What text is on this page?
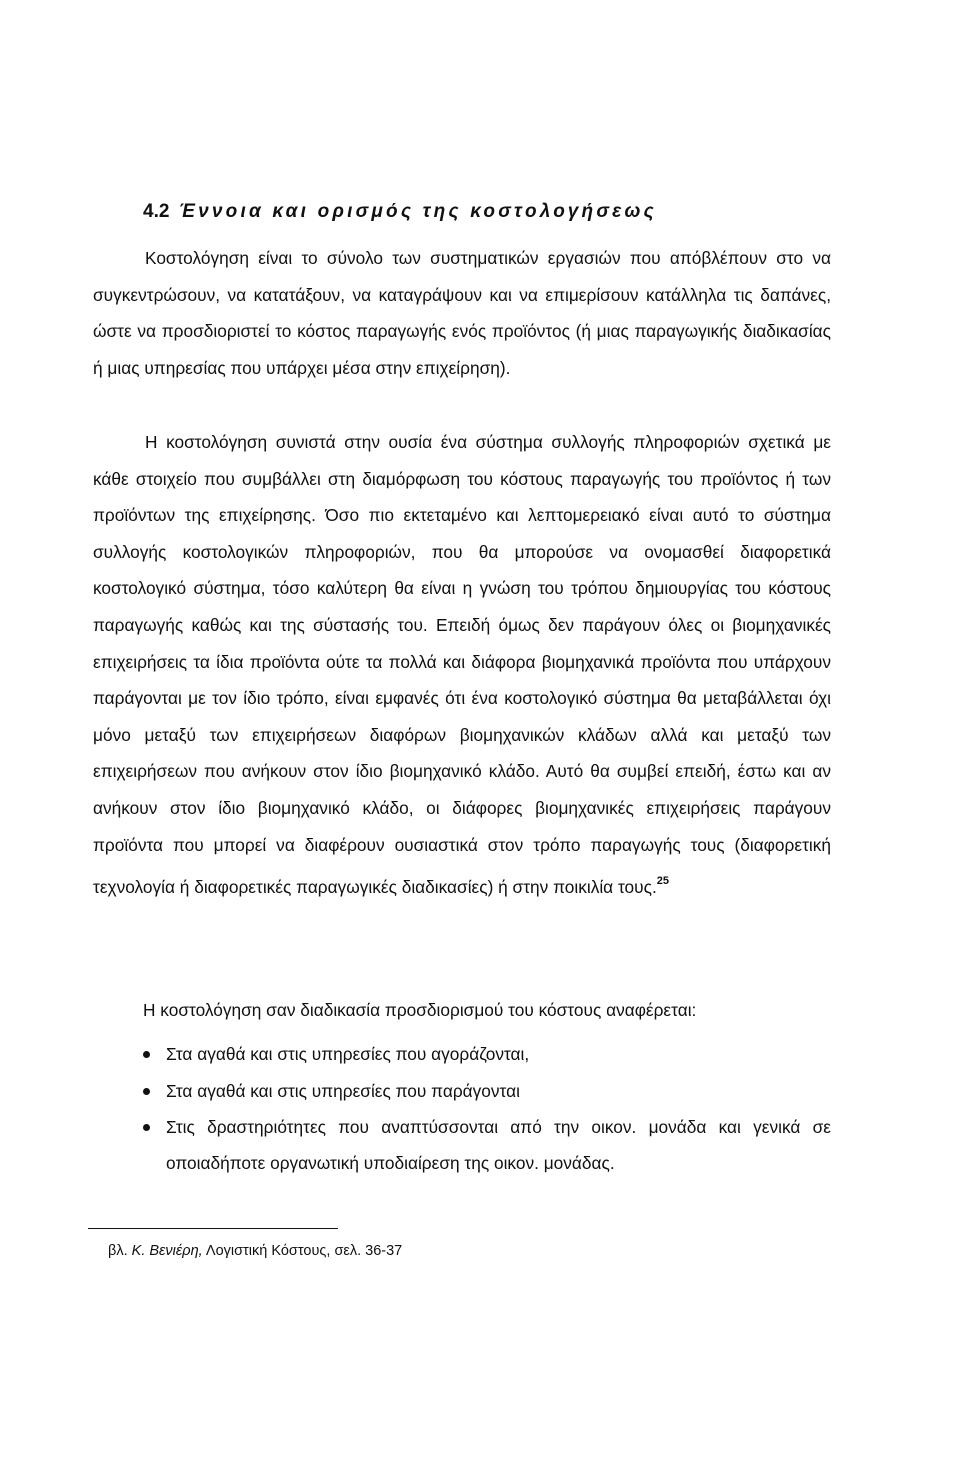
4.2 Έννοια και ορισμός της κοστολογήσεως

Κοστολόγηση είναι το σύνολο των συστηματικών εργασιών που απόβλέπουν στο να συγκεντρώσουν, να κατατάξουν, να καταγράψουν και να επιμερίσουν κατάλληλα τις δαπάνες, ώστε να προσδιοριστεί το κόστος παραγωγής ενός προϊόντος (ή μιας παραγωγικής διαδικασίας ή μιας υπηρεσίας που υπάρχει μέσα στην επιχείρηση).

Η κοστολόγηση συνιστά στην ουσία ένα σύστημα συλλογής πληροφοριών σχετικά με κάθε στοιχείο που συμβάλλει στη διαμόρφωση του κόστους παραγωγής του προϊόντος ή των προϊόντων της επιχείρησης. Όσο πιο εκτεταμένο και λεπτομερειακό είναι αυτό το σύστημα συλλογής κοστολογικών πληροφοριών, που θα μπορούσε να ονομασθεί διαφορετικά κοστολογικό σύστημα, τόσο καλύτερη θα είναι η γνώση του τρόπου δημιουργίας του κόστους παραγωγής καθώς και της σύστασής του. Επειδή όμως δεν παράγουν όλες οι βιομηχανικές επιχειρήσεις τα ίδια προϊόντα ούτε τα πολλά και διάφορα βιομηχανικά προϊόντα που υπάρχουν παράγονται με τον ίδιο τρόπο, είναι εμφανές ότι ένα κοστολογικό σύστημα θα μεταβάλλεται όχι μόνο μεταξύ των επιχειρήσεων διαφόρων βιομηχανικών κλάδων αλλά και μεταξύ των επιχειρήσεων που ανήκουν στον ίδιο βιομηχανικό κλάδο. Αυτό θα συμβεί επειδή, έστω και αν ανήκουν στον ίδιο βιομηχανικό κλάδο, οι διάφορες βιομηχανικές επιχειρήσεις παράγουν προϊόντα που μπορεί να διαφέρουν ουσιαστικά στον τρόπο παραγωγής τους (διαφορετική τεχνολογία ή διαφορετικές παραγωγικές διαδικασίες) ή στην ποικιλία τους.$^{25}$

Η κοστολόγηση σαν διαδικασία προσδιορισμού του κόστους αναφέρεται:

Στα αγαθά και στις υπηρεσίες που αγοράζονται,
Στα αγαθά και στις υπηρεσίες που παράγονται
Στις δραστηριότητες που αναπτύσσονται από την οικον. μονάδα και γενικά σε οποιαδήποτε οργανωτική υποδιαίρεση της οικον. μονάδας.
βλ. Κ. Βενιέρη, Λογιστική Κόστους, σελ. 36-37
